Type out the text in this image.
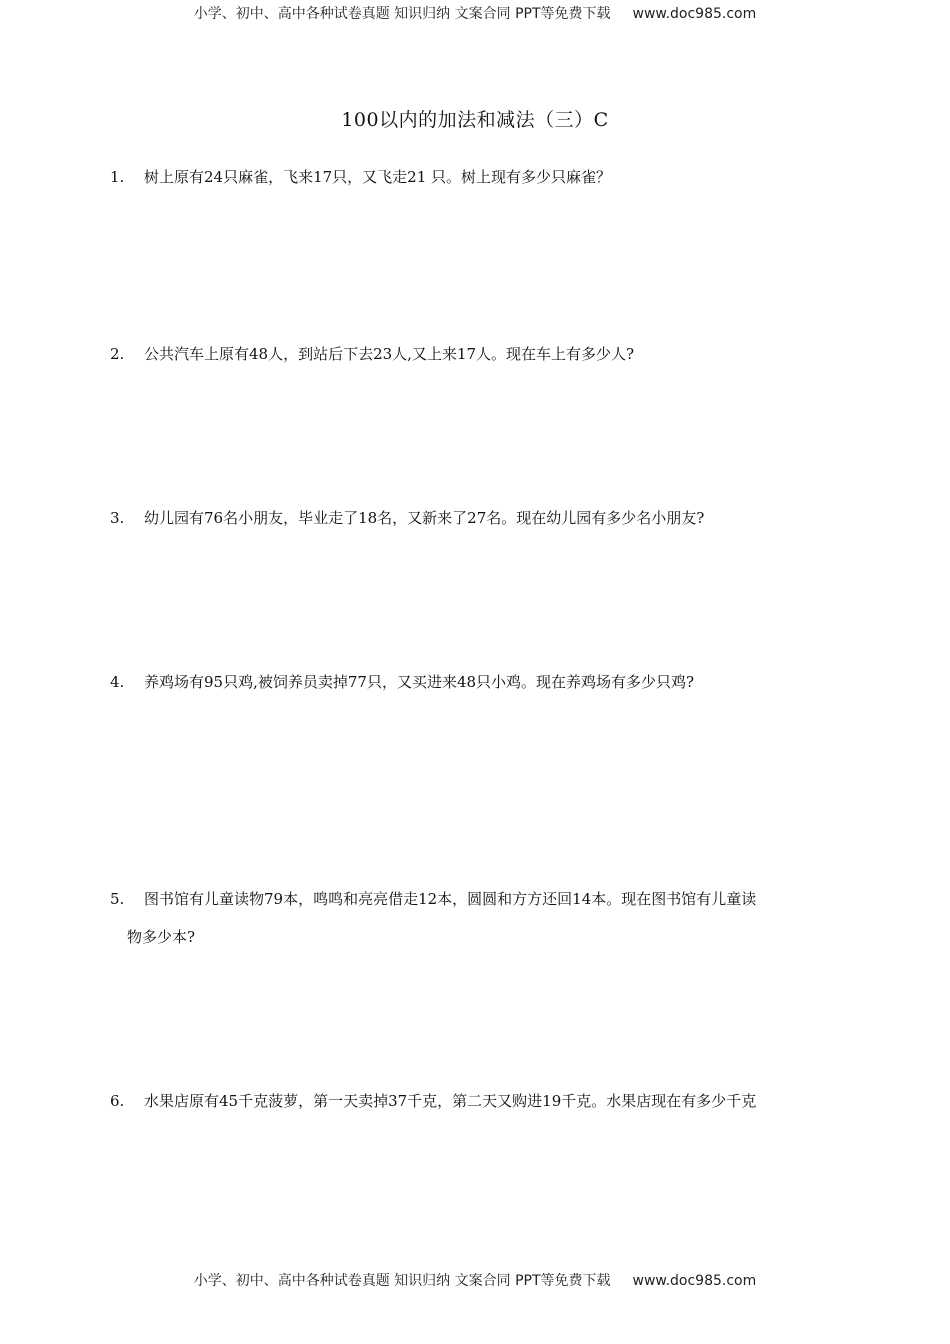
小学、初中、高中各种试卷真题 知识归纳 文案合同 PPT等免费下载 www.doc985.com
100以内的加法和减法（三）C
1. 树上原有24只麻雀，飞来17只，又飞走21 只。树上现有多少只麻雀？
2. 公共汽车上原有48人，到站后下去23人,又上来17人。现在车上有多少人?
3. 幼儿园有76名小朋友，毕业走了18名，又新来了27名。现在幼儿园有多少名小朋友?
4. 养鸡场有95只鸡,被饲养员卖掉77只，又买进来48只小鸡。现在养鸡场有多少只鸡?
5. 图书馆有儿童读物79本，鸣鸣和亮亮借走12本，圆圆和方方还回14本。现在图书馆有儿童读
物多少本?
6. 水果店原有45千克菠萝，第一天卖掉37千克，第二天又购进19千克。水果店现在有多少千克
小学、初中、高中各种试卷真题 知识归纳 文案合同 PPT等免费下载 www.doc985.com
